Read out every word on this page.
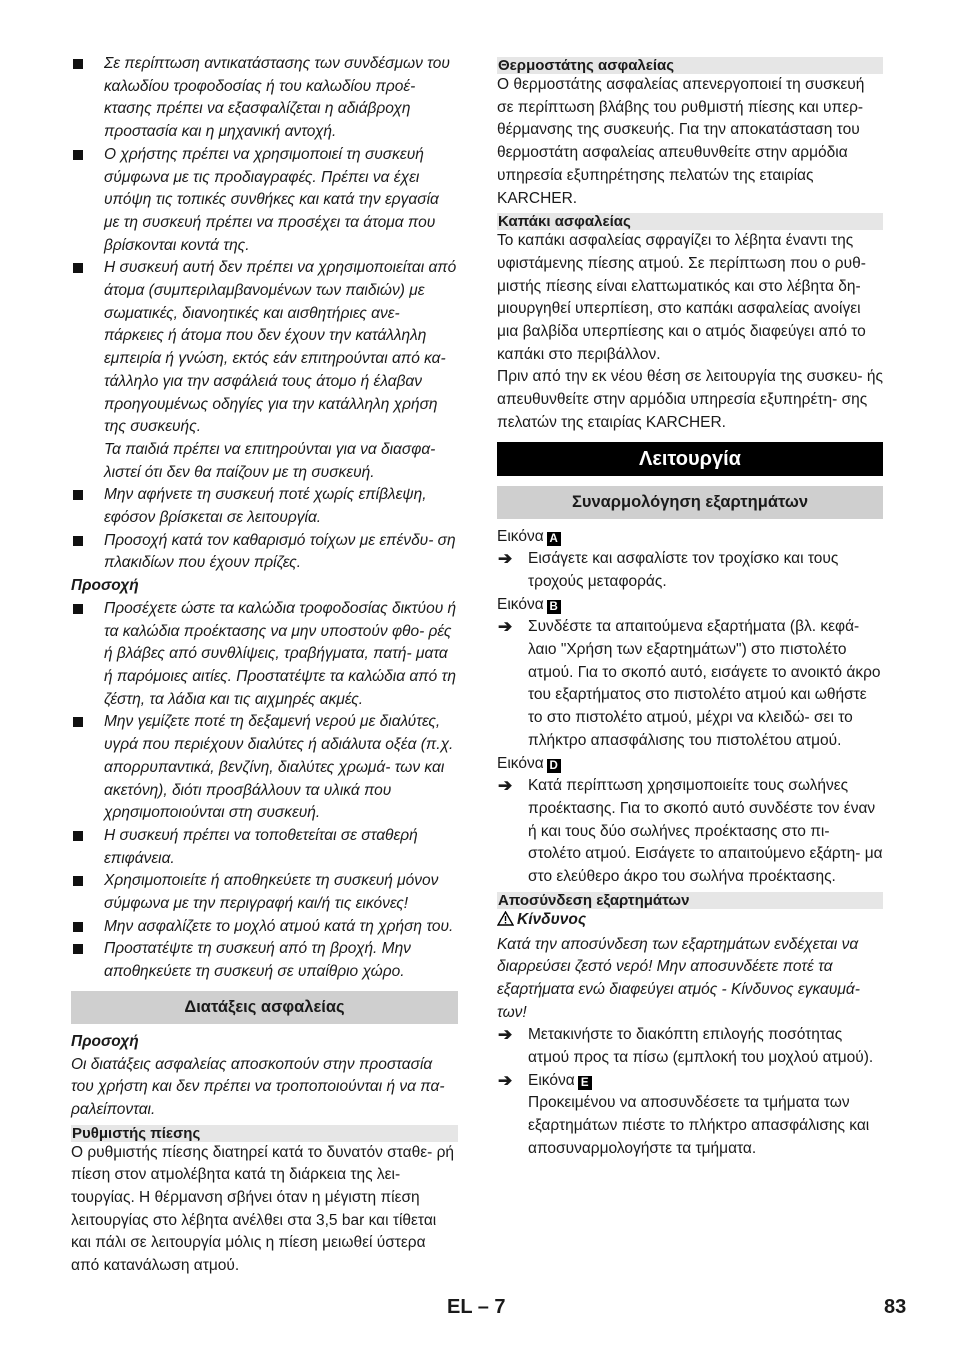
Σε περίπτωση αντικατάστασης των συνδέσμων του καλωδίου τροφοδοσίας ή του καλωδίου προέ- κτασης πρέπει να εξασφαλίζεται η αδιάβροχη προστασία και η μηχανική αντοχή.

Ο χρήστης πρέπει να χρησιμοποιεί τη συσκευή σύμφωνα με τις προδιαγραφές. Πρέπει να έχει υπόψη τις τοπικές συνθήκες και κατά την εργασία με τη συσκευή πρέπει να προσέχει τα άτομα που βρίσκονται κοντά της.

Η συσκευή αυτή δεν πρέπει να χρησιμοποιείται από άτομα (συμπεριλαμβανομένων των παιδιών) με σωματικές, διανοητικές και αισθητήριες ανε- πάρκειες ή άτομα που δεν έχουν την κατάλληλη εμπειρία ή γνώση, εκτός εάν επιτηρούνται από κα- τάλληλο για την ασφάλειά τους άτομο ή έλαβαν προηγουμένως οδηγίες για την κατάλληλη χρήση της συσκευής.

Τα παιδιά πρέπει να επιτηρούνται για να διασφα- λιστεί ότι δεν θα παίζουν με τη συσκευή.

Μην αφήνετε τη συσκευή ποτέ χωρίς επίβλεψη, εφόσον βρίσκεται σε λειτουργία.

Προσοχή κατά τον καθαρισμό τοίχων με επένδυ- ση πλακιδίων που έχουν πρίζες.

Προσοχή

Προσέχετε ώστε τα καλώδια τροφοδοσίας δικτύου ή τα καλώδια προέκτασης να μην υποστούν φθο- ρές ή βλάβες από συνθλίψεις, τραβήγματα, πατή- ματα ή παρόμοιες αιτίες. Προστατέψτε τα καλώδια από τη ζέστη, τα λάδια και τις αιχμηρές ακμές.

Μην γεμίζετε ποτέ τη δεξαμενή νερού με διαλύτες, υγρά που περιέχουν διαλύτες ή αδιάλυτα οξέα (π.χ. απορρυπαντικά, βενζίνη, διαλύτες χρωμά- των και ακετόνη), διότι προσβάλλουν τα υλικά που χρησιμοποιούνται στη συσκευή.

Η συσκευή πρέπει να τοποθετείται σε σταθερή επιφάνεια.

Χρησιμοποιείτε ή αποθηκεύετε τη συσκευή μόνον σύμφωνα με την περιγραφή και/ή τις εικόνες!

Μην ασφαλίζετε το μοχλό ατμού κατά τη χρήση του.

Προστατέψτε τη συσκευή από τη βροχή. Μην αποθηκεύετε τη συσκευή σε υπαίθριο χώρο.

Διατάξεις ασφαλείας

Προσοχή

Οι διατάξεις ασφαλείας αποσκοπούν στην προστασία του χρήστη και δεν πρέπει να τροποποιούνται ή να πα- ραλείπονται.

Ρυθμιστής πίεσης

Ο ρυθμιστής πίεσης διατηρεί κατά το δυνατόν σταθε- ρή πίεση στον ατμολέβητα κατά τη διάρκεια της λει- τουργίας. Η θέρμανση σβήνει όταν η μέγιστη πίεση λειτουργίας στο λέβητα ανέλθει στα 3,5 bar και τίθεται και πάλι σε λειτουργία μόλις η πίεση μειωθεί ύστερα από κατανάλωση ατμού.

Θερμοστάτης ασφαλείας

Ο θερμοστάτης ασφαλείας απενεργοποιεί τη συσκευή σε περίπτωση βλάβης του ρυθμιστή πίεσης και υπερ- θέρμανσης της συσκευής. Για την αποκατάσταση του θερμοστάτη ασφαλείας απευθυνθείτε στην αρμόδια υπηρεσία εξυπηρέτησης πελατών της εταιρίας KARCHER.

Καπάκι ασφαλείας

Το καπάκι ασφαλείας σφραγίζει το λέβητα έναντι της υφιστάμενης πίεσης ατμού. Σε περίπτωση που ο ρυθ- μιστής πίεσης είναι ελαττωματικός και στο λέβητα δη- μιουργηθεί υπερπίεση, στο καπάκι ασφαλείας ανοίγει μια βαλβίδα υπερπίεσης και ο ατμός διαφεύγει από το καπάκι στο περιβάλλον.

Πριν από την εκ νέου θέση σε λειτουργία της συσκευ- ής απευθυνθείτε στην αρμόδια υπηρεσία εξυπηρέτη- σης πελατών της εταιρίας KARCHER.

Λειτουργία
Συναρμολόγηση εξαρτημάτων

Εικόνα A

➔ Εισάγετε και ασφαλίστε τον τροχίσκο και τους τροχούς μεταφοράς.

Εικόνα B

➔ Συνδέστε τα απαιτούμενα εξαρτήματα (βλ. κεφά- λαιο "Χρήση των εξαρτημάτων") στο πιστολέτο ατμού. Για το σκοπό αυτό, εισάγετε το ανοικτό άκρο του εξαρτήματος στο πιστολέτο ατμού και ωθήστε το στο πιστολέτο ατμού, μέχρι να κλειδώ- σει το πλήκτρο απασφάλισης του πιστολέτου ατμού.

Εικόνα D

➔ Κατά περίπτωση χρησιμοποιείτε τους σωλήνες προέκτασης. Για το σκοπό αυτό συνδέστε τον έναν ή και τους δύο σωλήνες προέκτασης στο πι- στολέτο ατμού. Εισάγετε το απαιτούμενο εξάρτη- μα στο ελεύθερο άκρο του σωλήνα προέκτασης.

Αποσύνδεση εξαρτημάτων

Κίνδυνος

Κατά την αποσύνδεση των εξαρτημάτων ενδέχεται να διαρρεύσει ζεστό νερό! Μην αποσυνδέετε ποτέ τα εξαρτήματα ενώ διαφεύγει ατμός - Κίνδυνος εγκαυμά- των!

➔ Μετακινήστε το διακόπτη επιλογής ποσότητας ατμού προς τα πίσω (εμπλοκή του μοχλού ατμού).

➔ Εικόνα E
Προκειμένου να αποσυνδέσετε τα τμήματα των εξαρτημάτων πιέστε το πλήκτρο απασφάλισης και αποσυναρμολογήστε τα τμήματα.

EL – 7	83
